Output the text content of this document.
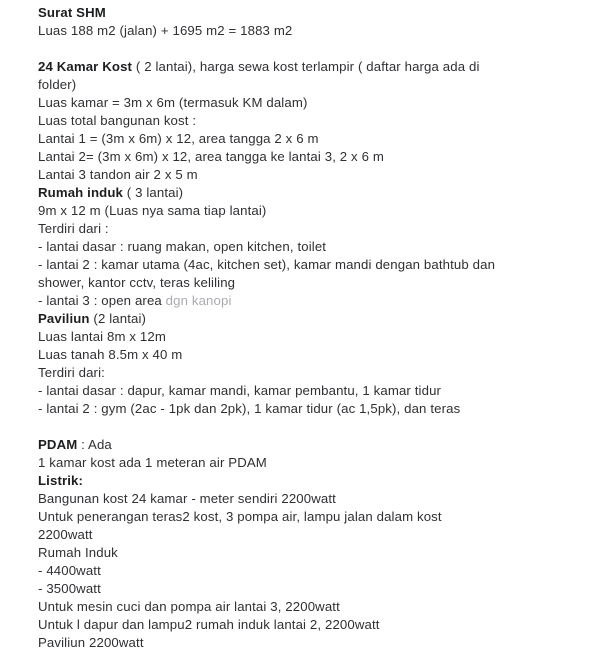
Surat SHM
Luas 188 m2 (jalan) + 1695 m2 = 1883 m2

24 Kamar Kost ( 2 lantai), harga sewa kost terlampir ( daftar harga ada di folder)
Luas kamar = 3m x 6m (termasuk KM dalam)
Luas total bangunan kost :
Lantai 1 = (3m x 6m) x 12, area tangga 2 x 6 m
Lantai 2= (3m x 6m) x 12, area tangga ke lantai 3, 2 x 6 m
Lantai 3 tandon air 2 x 5 m
Rumah induk ( 3 lantai)
9m x 12 m (Luas nya sama tiap lantai)
Terdiri dari :
- lantai dasar : ruang makan, open kitchen, toilet
- lantai 2 : kamar utama (4ac, kitchen set), kamar mandi dengan bathtub dan shower, kantor cctv, teras keliling
- lantai 3 : open area dgn kanopi
Paviliun (2 lantai)
Luas lantai 8m x 12m
Luas tanah 8.5m x 40 m
Terdiri dari:
- lantai dasar : dapur, kamar mandi, kamar pembantu, 1 kamar tidur
- lantai 2 : gym (2ac - 1pk dan 2pk), 1 kamar tidur (ac 1,5pk), dan teras

PDAM : Ada
1 kamar kost ada 1 meteran air PDAM
Listrik:
Bangunan kost 24 kamar - meter sendiri 2200watt
Untuk penerangan teras2 kost, 3 pompa air, lampu jalan dalam kost 2200watt
Rumah Induk
- 4400watt
- 3500watt
Untuk mesin cuci dan pompa air lantai 3, 2200watt
Untuk l dapur dan lampu2 rumah induk lantai 2, 2200watt
Paviliun 2200watt
